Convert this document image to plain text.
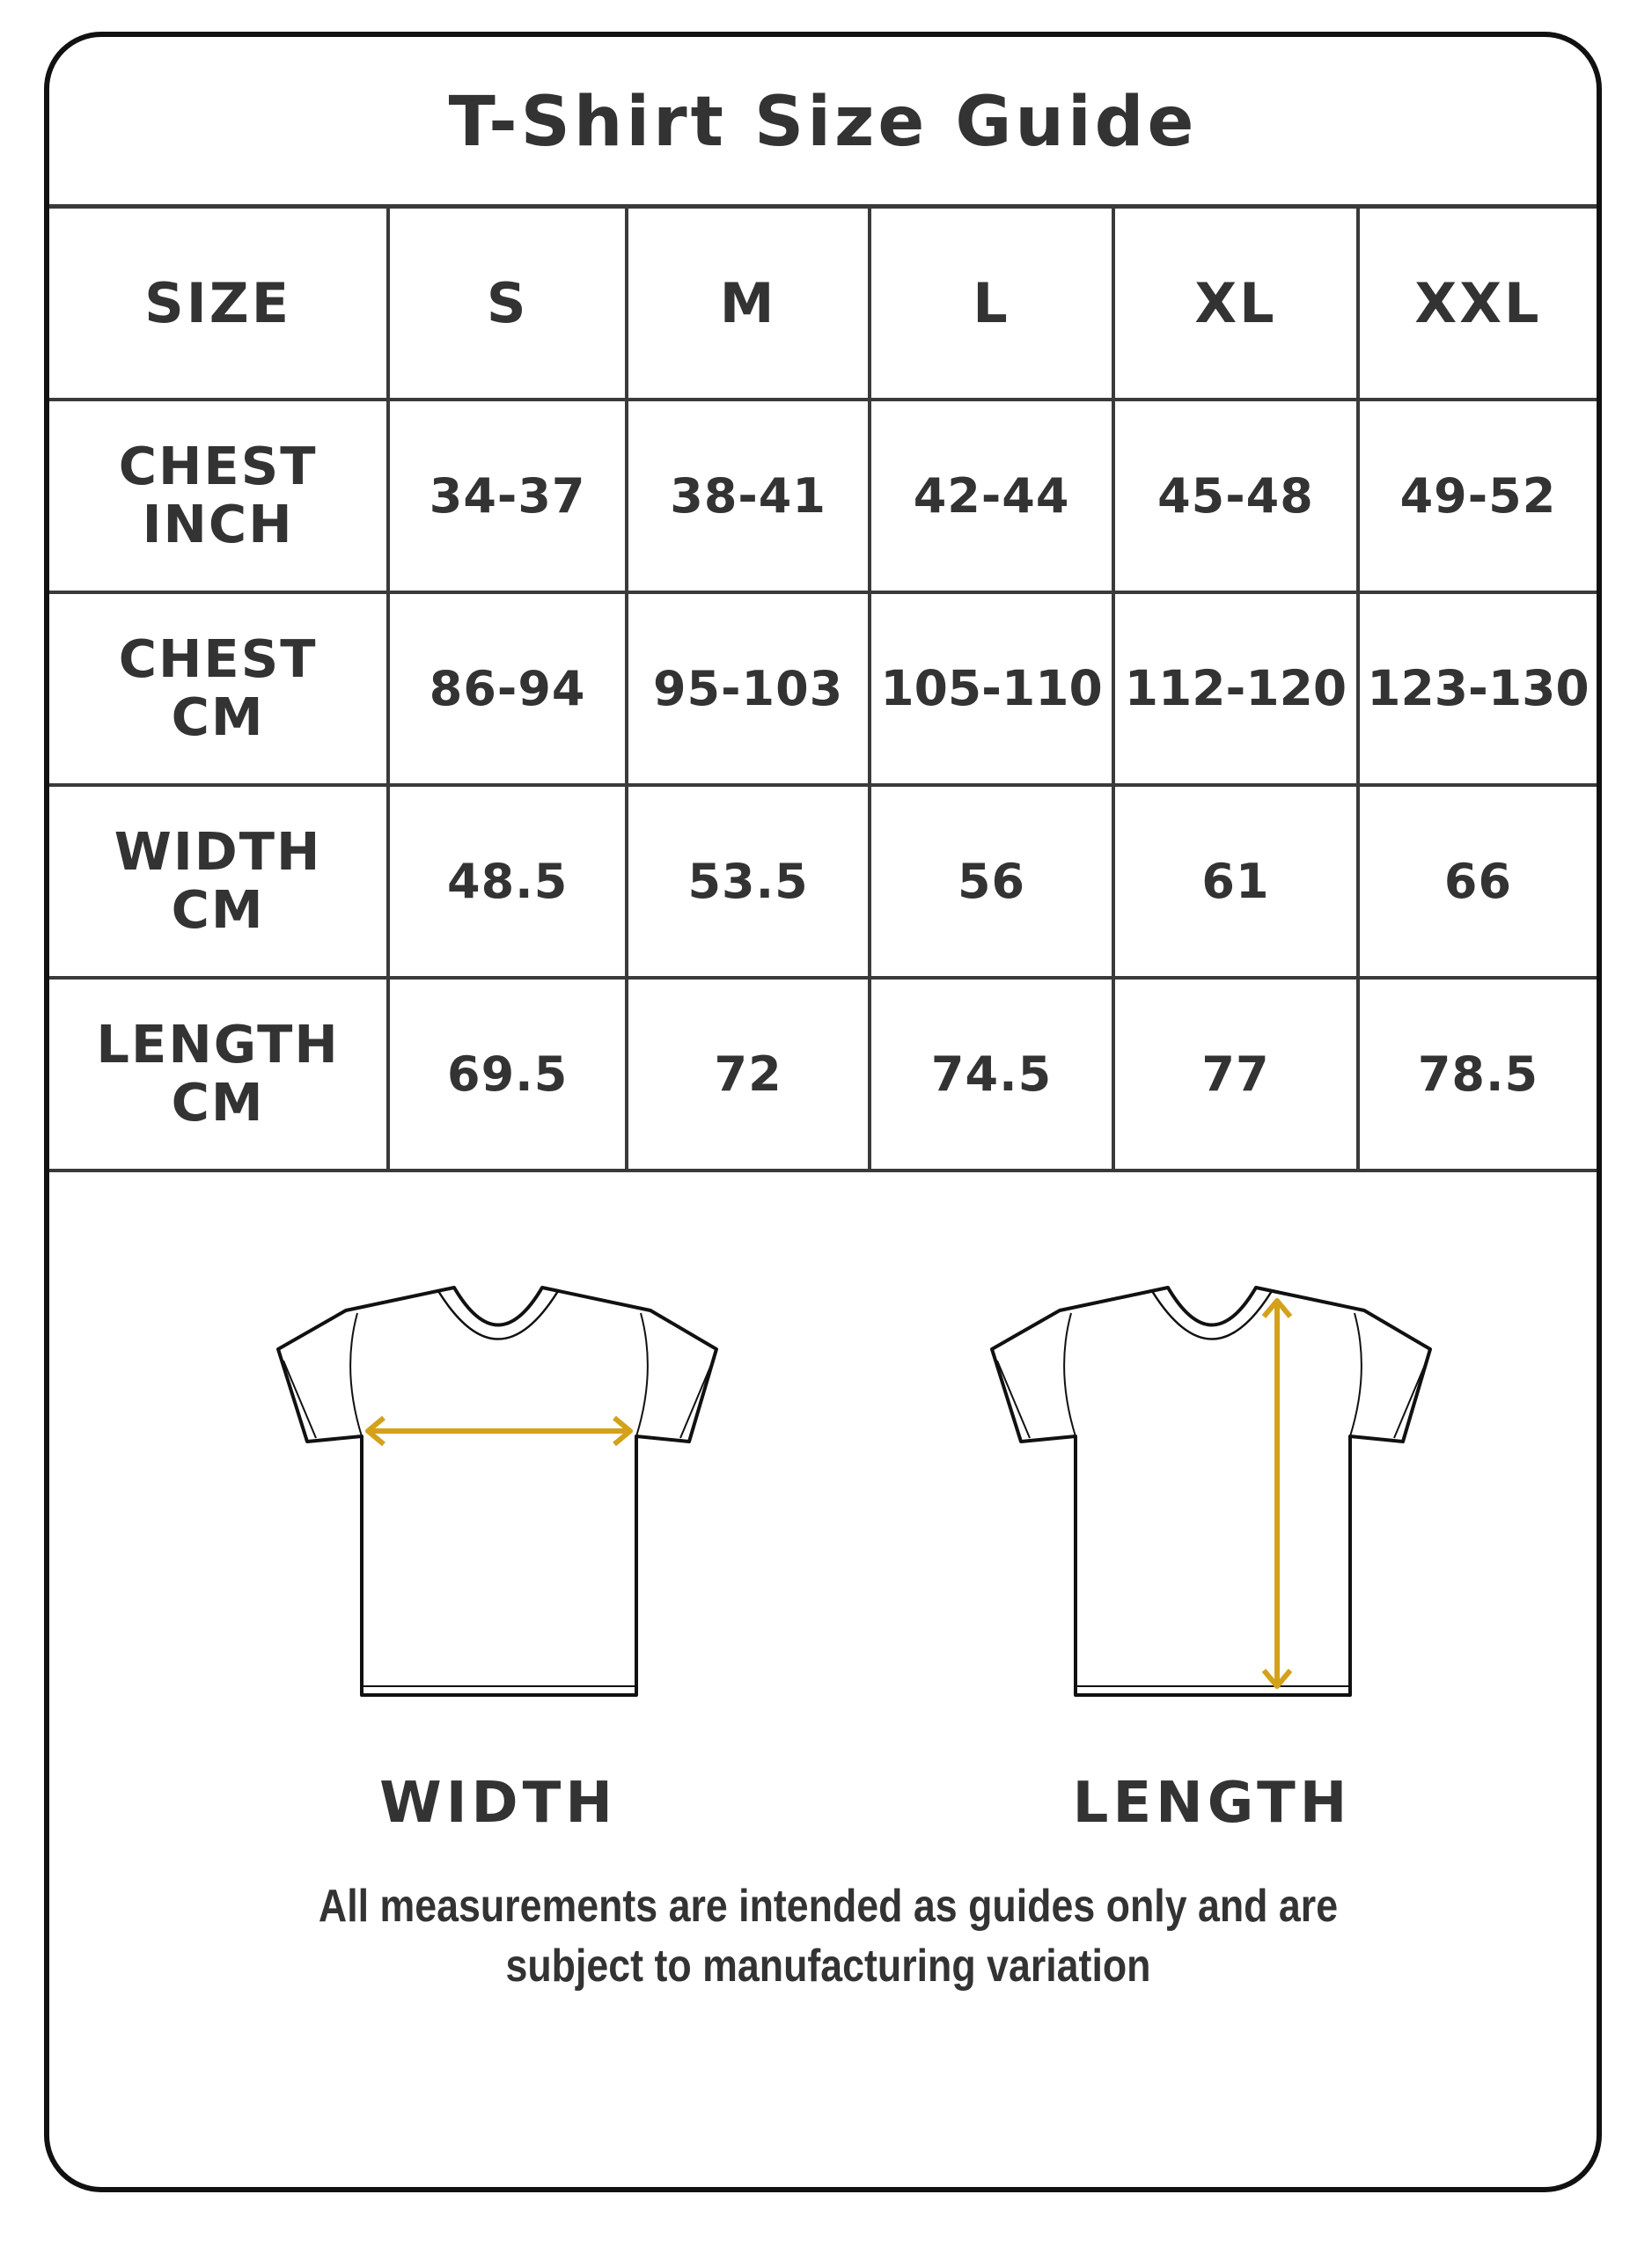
T-Shirt Size Guide
SIZE	S	M	L	XL	XXL

CHEST
INCH	34-37	38-41	42-44	45-48	49-52

CHEST
CM	86-94	95-103	105-110	112-120	123-130

WIDTH
CM	48.5	53.5	56	61	66

LENGTH
CM	69.5	72	74.5	77	78.5
WIDTH	LENGTH
All measurements are intended as guides only and are
subject to manufacturing variation
